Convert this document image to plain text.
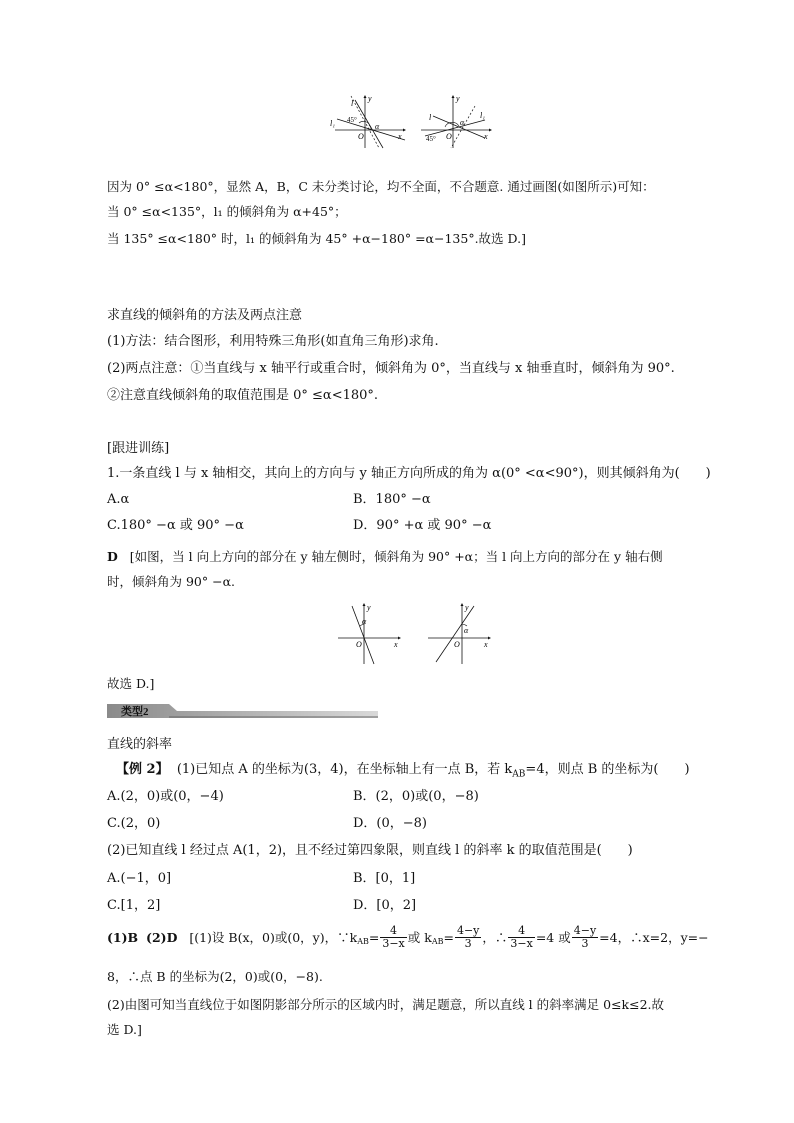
y
l
l₁ 45°
α
O	x
y
l	l₁
45°
α
O	x
因为 0° ≤α<180°，显然 A，B，C 未分类讨论，均不全面，不合题意. 通过画图(如图所示)可知：
当 0° ≤α<135°，l₁ 的倾斜角为 α+45°；
当 135° ≤α<180° 时，l₁ 的倾斜角为 45° +α−180° =α−135°.故选 D.]
求直线的倾斜角的方法及两点注意
(1)方法：结合图形，利用特殊三角形(如直角三角形)求角.
(2)两点注意：①当直线与 x 轴平行或重合时，倾斜角为 0°，当直线与 x 轴垂直时，倾斜角为 90°.
②注意直线倾斜角的取值范围是 0° ≤α<180°.
[跟进训练]
1.一条直线 l 与 x 轴相交，其向上的方向与 y 轴正方向所成的角为 α(0° <α<90°)，则其倾斜角为(　　)
A.α	B．180° −α
C.180° −α 或 90° −α	D．90° +α 或 90° −α
D [如图，当 l 向上方向的部分在 y 轴左侧时，倾斜角为 90° +α；当 l 向上方向的部分在 y 轴右侧
时，倾斜角为 90° −α.
y
α
O	x
y
α
O	x
故选 D.]
类型2
直线的斜率
【例 2】 (1)已知点 A 的坐标为(3，4)，在坐标轴上有一点 B，若 $k_{AB}=4$，则点 B 的坐标为(　　)
A.(2，0)或(0，−4)	B．(2，0)或(0，−8)
C.(2，0)	D．(0，−8)
(2)已知直线 l 经过点 A(1，2)，且不经过第四象限，则直线 l 的斜率 k 的取值范围是(　　)
A.(−1，0]	B．[0，1]
C.[1，2]	D．[0，2]
(1)B
(2)D
[(1)设 B(x，0)或(0，y)，$\because k_{AB} = \frac{4}{3-x}$ 或 $k_{AB} = \frac{4-y}{3}$ ，∴ $\frac{4}{3-x} =4$ 或 $\frac{4-y}{3} =4$，∴x=2，y=−
8，∴点 B 的坐标为(2，0)或(0，−8).
(2)由图可知当直线位于如图阴影部分所示的区域内时，满足题意，所以直线 l 的斜率满足 0≤k≤2.故
选 D.]
